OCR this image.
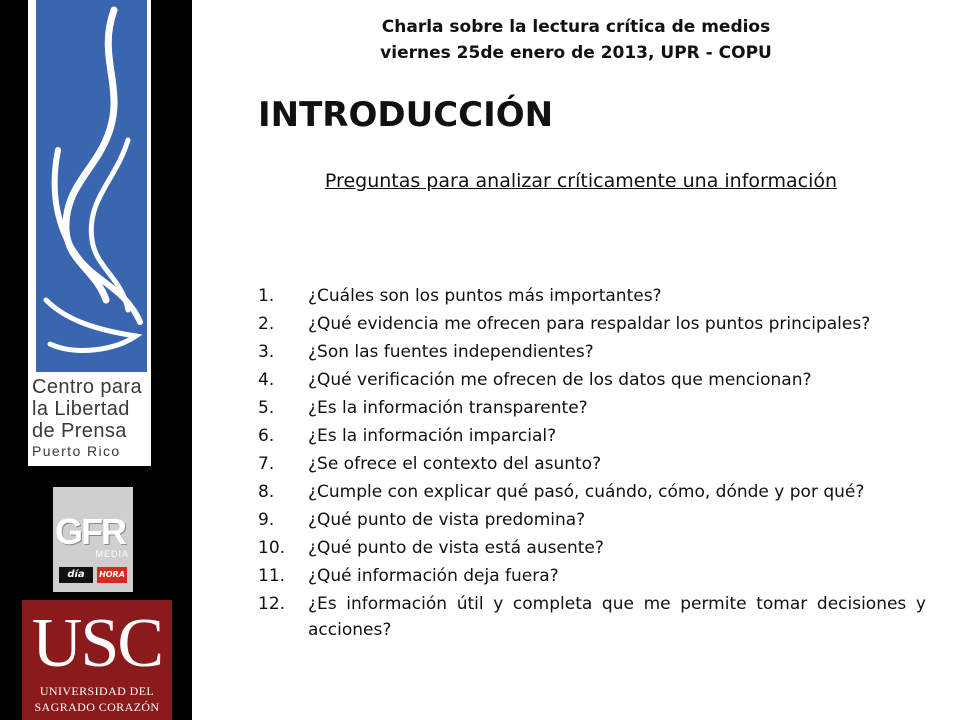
Centro para
la Libertad
de Prensa
Puerto Rico
GFR
MEDIA
día	HORA
USC
UNIVERSIDAD DEL
SAGRADO CORAZÓN
Charla sobre la lectura crítica de medios
viernes 25de enero de 2013, UPR - COPU
INTRODUCCIÓN
Preguntas para analizar críticamente una información
1. ¿Cuáles son los puntos más importantes?
2. ¿Qué evidencia me ofrecen para respaldar los puntos principales?
3. ¿Son las fuentes independientes?
4. ¿Qué verificación me ofrecen de los datos que mencionan?
5. ¿Es la información transparente?
6. ¿Es la información imparcial?
7. ¿Se ofrece el contexto del asunto?
8. ¿Cumple con explicar qué pasó, cuándo, cómo, dónde y por qué?
9. ¿Qué punto de vista predomina?
10. ¿Qué punto de vista está ausente?
11. ¿Qué información deja fuera?
12. ¿Es información útil y completa que me permite tomar decisiones y acciones?
